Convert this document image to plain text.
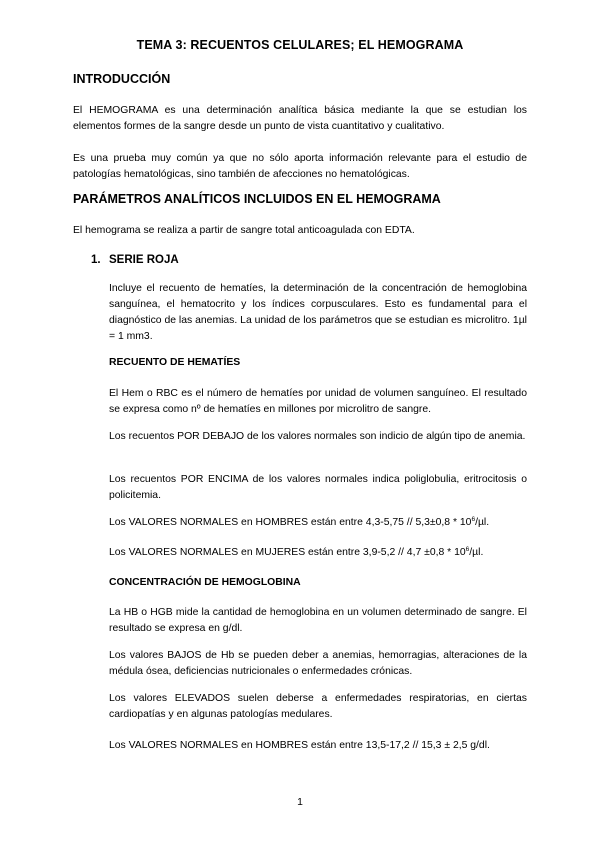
TEMA 3: RECUENTOS CELULARES; EL HEMOGRAMA
INTRODUCCIÓN

El HEMOGRAMA es una determinación analítica básica mediante la que se estudian los elementos formes de la sangre desde un punto de vista cuantitativo y cualitativo.

Es una prueba muy común ya que no sólo aporta información relevante para el estudio de patologías hematológicas, sino también de afecciones no hematológicas.

PARÁMETROS ANALÍTICOS INCLUIDOS EN EL HEMOGRAMA

El hemograma se realiza a partir de sangre total anticoagulada con EDTA.

1. SERIE ROJA

Incluye el recuento de hematíes, la determinación de la concentración de hemoglobina sanguínea, el hematocrito y los índices corpusculares. Esto es fundamental para el diagnóstico de las anemias. La unidad de los parámetros que se estudian es microlitro. 1µl = 1 mm3.

RECUENTO DE HEMATÍES

El Hem o RBC es el número de hematíes por unidad de volumen sanguíneo. El resultado se expresa como nº de hematíes en millones por microlitro de sangre.

Los recuentos POR DEBAJO de los valores normales son indicio de algún tipo de anemia.

Los recuentos POR ENCIMA de los valores normales indica poliglobulia, eritrocitosis o policitemia.

Los VALORES NORMALES en HOMBRES están entre $4,3-5,75 // 5,3\pm 0,8 * 10^6/\mu l$.

Los VALORES NORMALES en MUJERES están entre $3,9-5,2 // 4,7 \pm 0,8 * 10^6/\mu l$.

CONCENTRACIÓN DE HEMOGLOBINA

La HB o HGB mide la cantidad de hemoglobina en un volumen determinado de sangre. El resultado se expresa en g/dl.

Los valores BAJOS de Hb se pueden deber a anemias, hemorragias, alteraciones de la médula ósea, deficiencias nutricionales o enfermedades crónicas.

Los valores ELEVADOS suelen deberse a enfermedades respiratorias, en ciertas cardiopatías y en algunas patologías medulares.

Los VALORES NORMALES en HOMBRES están entre 13,5-17,2 // 15,3 ± 2,5 g/dl.

1
